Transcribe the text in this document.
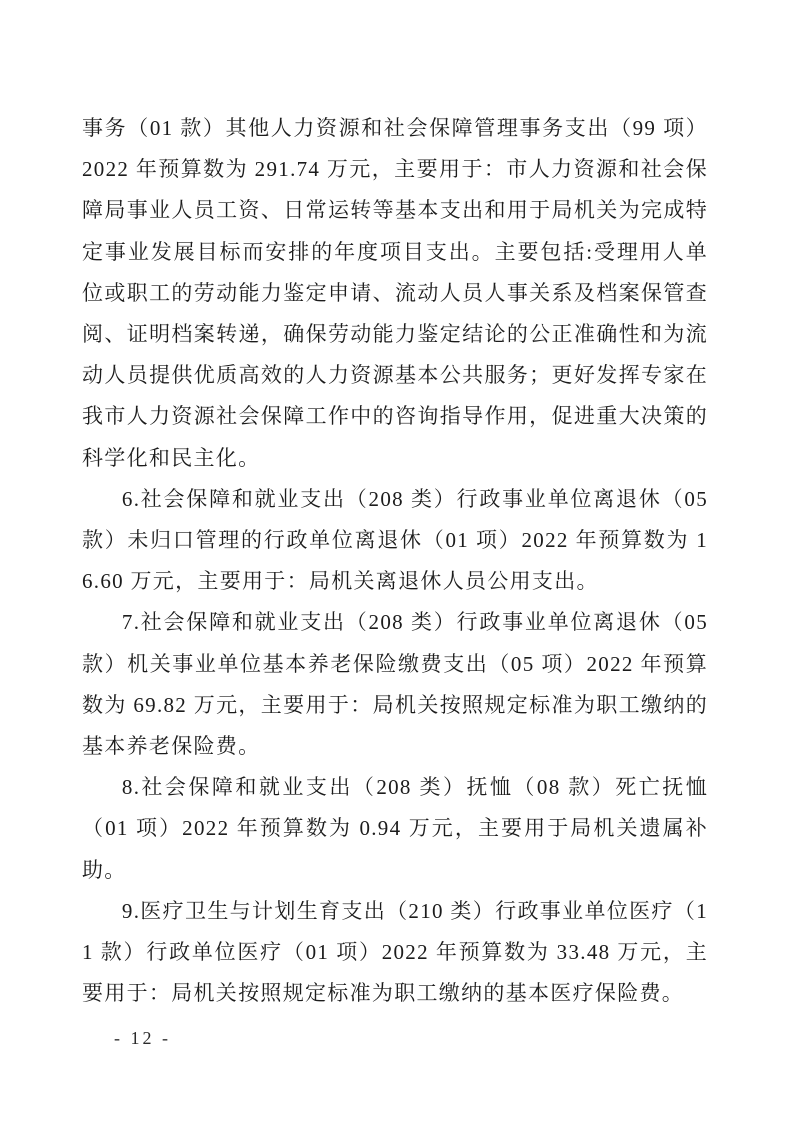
事务（01 款）其他人力资源和社会保障管理事务支出（99 项）2022 年预算数为 291.74 万元，主要用于：市人力资源和社会保障局事业人员工资、日常运转等基本支出和用于局机关为完成特定事业发展目标而安排的年度项目支出。主要包括:受理用人单位或职工的劳动能力鉴定申请、流动人员人事关系及档案保管查阅、证明档案转递，确保劳动能力鉴定结论的公正准确性和为流动人员提供优质高效的人力资源基本公共服务；更好发挥专家在我市人力资源社会保障工作中的咨询指导作用，促进重大决策的科学化和民主化。

6.社会保障和就业支出（208 类）行政事业单位离退休（05 款）未归口管理的行政单位离退休（01 项）2022 年预算数为 16.60 万元，主要用于：局机关离退休人员公用支出。

7.社会保障和就业支出（208 类）行政事业单位离退休（05 款）机关事业单位基本养老保险缴费支出（05 项）2022 年预算数为 69.82 万元，主要用于：局机关按照规定标准为职工缴纳的基本养老保险费。

8.社会保障和就业支出（208 类）抚恤（08 款）死亡抚恤（01 项）2022 年预算数为 0.94 万元，主要用于局机关遗属补助。

9.医疗卫生与计划生育支出（210 类）行政事业单位医疗（11 款）行政单位医疗（01 项）2022 年预算数为 33.48 万元，主要用于：局机关按照规定标准为职工缴纳的基本医疗保险费。

- 12 -
